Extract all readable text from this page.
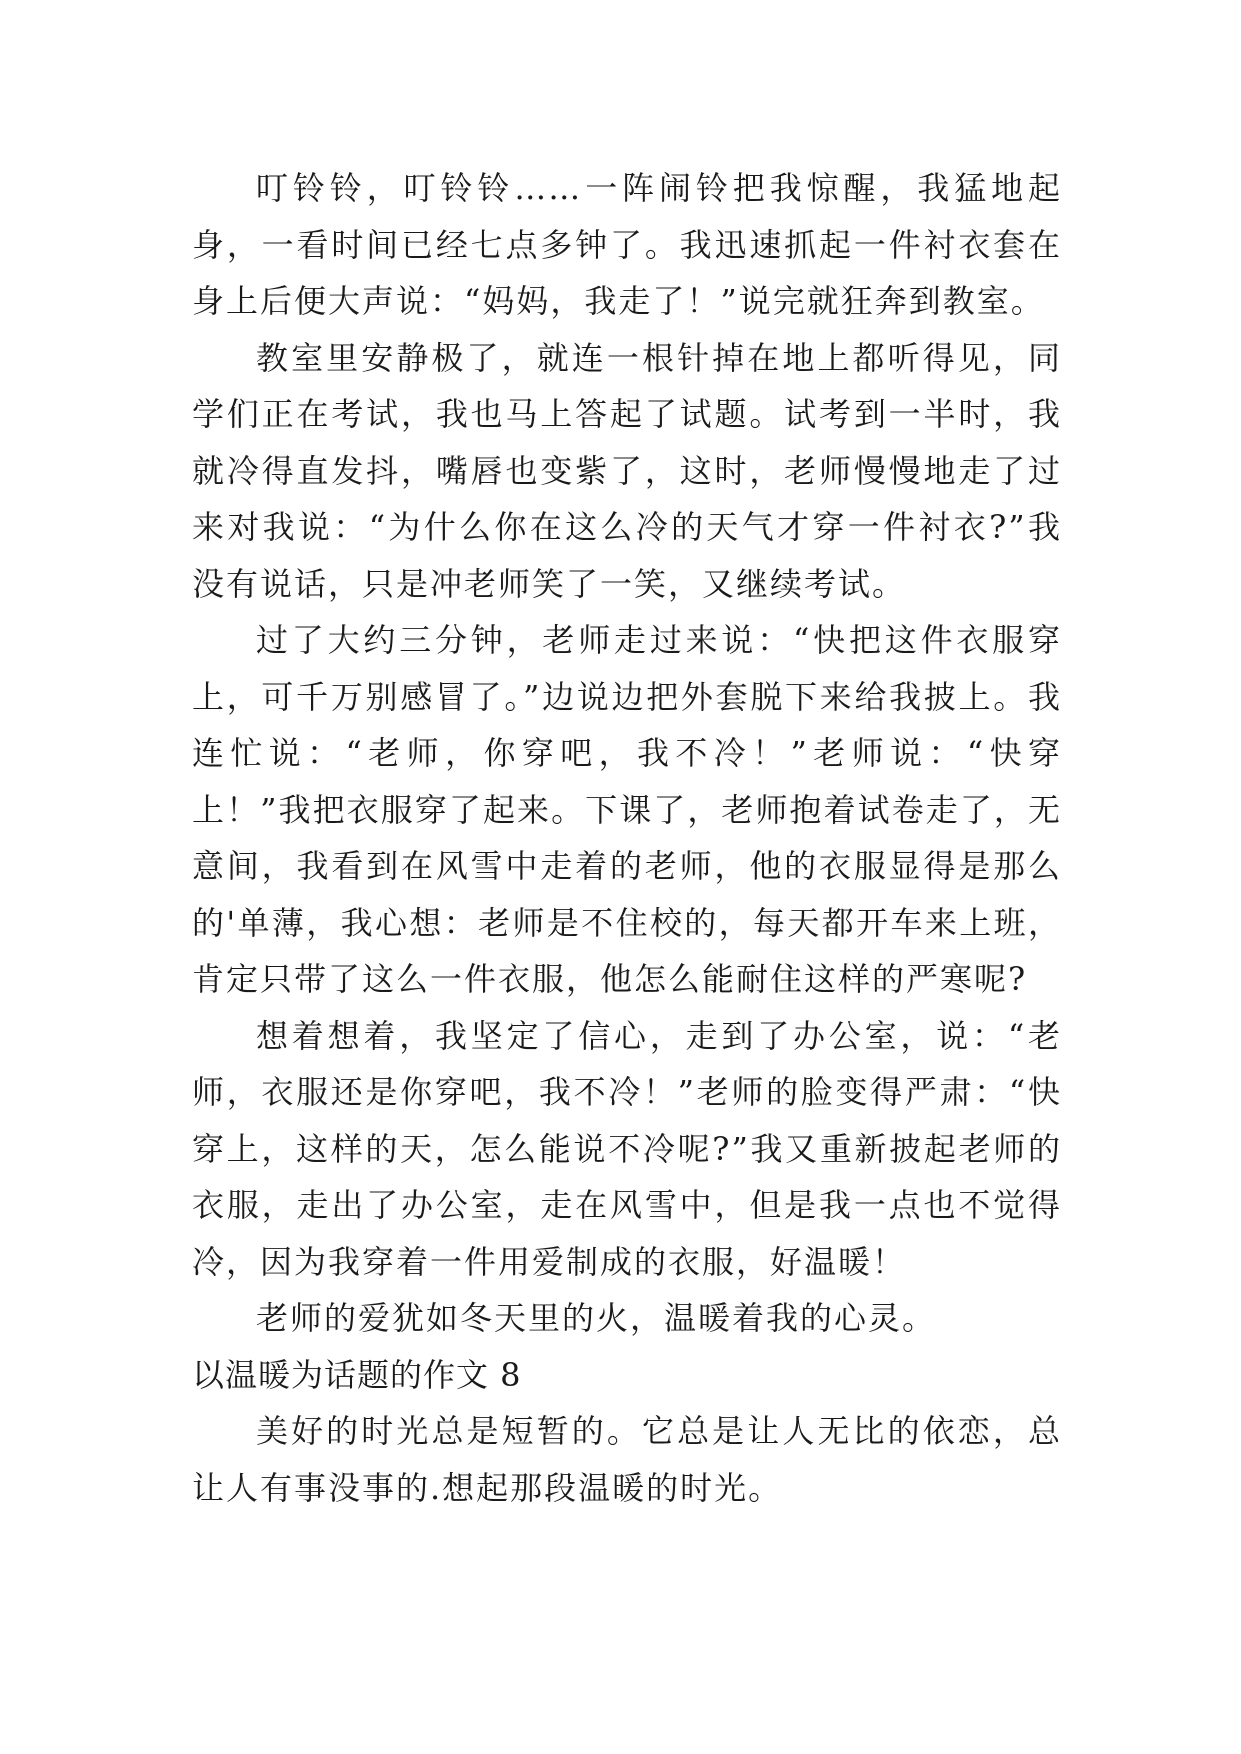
叮铃铃，叮铃铃……一阵闹铃把我惊醒，我猛地起身，一看时间已经七点多钟了。我迅速抓起一件衬衣套在身上后便大声说：“妈妈，我走了！”说完就狂奔到教室。

教室里安静极了，就连一根针掉在地上都听得见，同学们正在考试，我也马上答起了试题。试考到一半时，我就冷得直发抖，嘴唇也变紫了，这时，老师慢慢地走了过来对我说：“为什么你在这么冷的天气才穿一件衬衣?”我没有说话，只是冲老师笑了一笑，又继续考试。

过了大约三分钟，老师走过来说：“快把这件衣服穿上，可千万别感冒了。”边说边把外套脱下来给我披上。我连忙说：“老师，你穿吧，我不冷！”老师说：“快穿上！”我把衣服穿了起来。下课了，老师抱着试卷走了，无意间，我看到在风雪中走着的老师，他的衣服显得是那么的'单薄，我心想：老师是不住校的，每天都开车来上班，肯定只带了这么一件衣服，他怎么能耐住这样的严寒呢?

想着想着，我坚定了信心，走到了办公室，说：“老师，衣服还是你穿吧，我不冷！”老师的脸变得严肃：“快穿上，这样的天，怎么能说不冷呢?”我又重新披起老师的衣服，走出了办公室，走在风雪中，但是我一点也不觉得冷，因为我穿着一件用爱制成的衣服，好温暖！

老师的爱犹如冬天里的火，温暖着我的心灵。

以温暖为话题的作文 8

美好的时光总是短暂的。它总是让人无比的依恋，总让人有事没事的.想起那段温暖的时光。
